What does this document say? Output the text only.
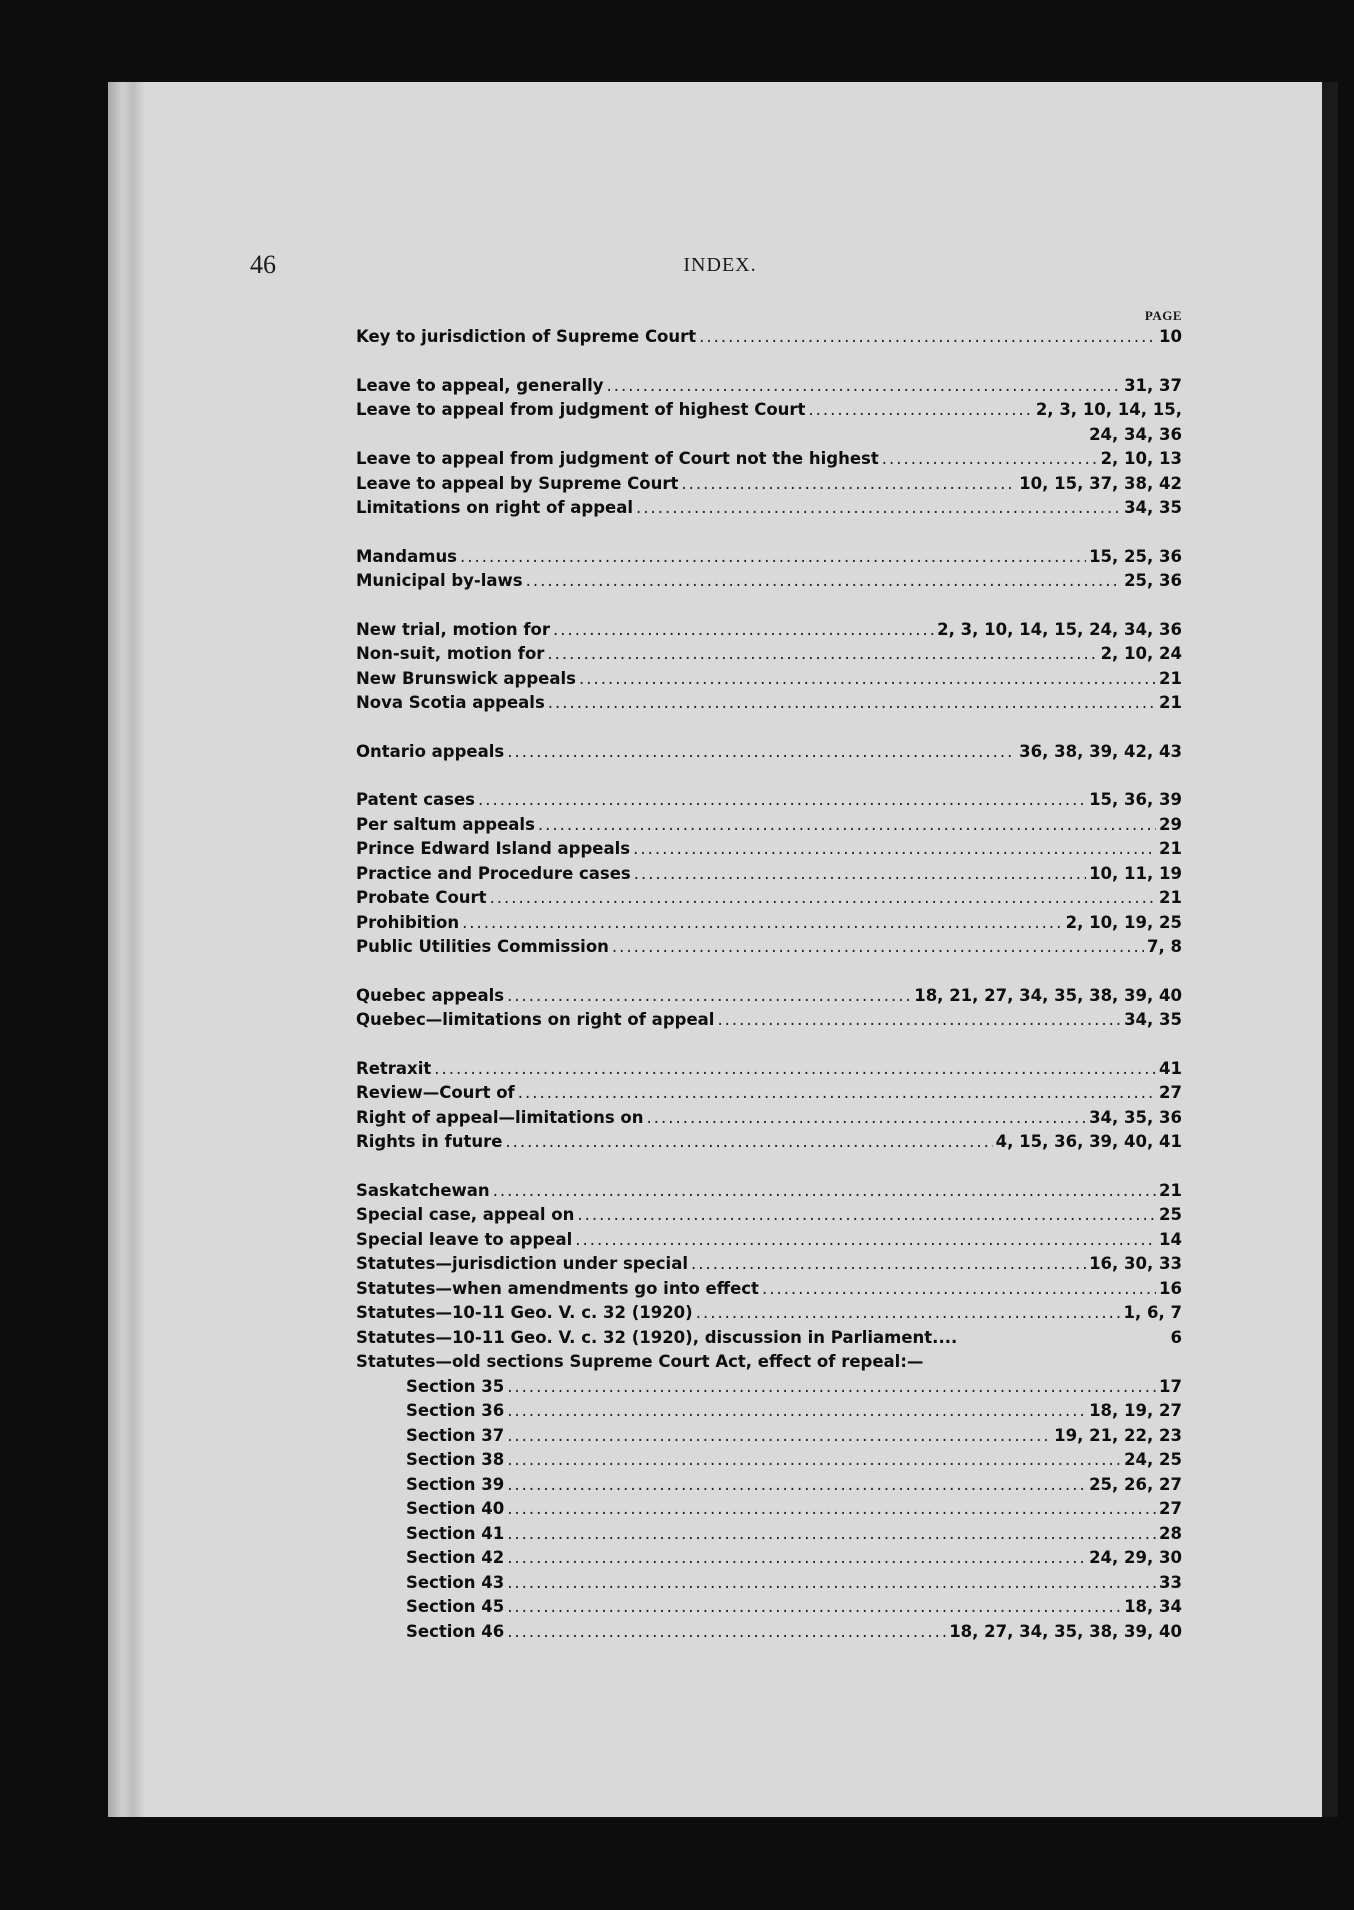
46	INDEX.
PAGE
Key to jurisdiction of Supreme Court .....	10
Leave to appeal, generally .....	31, 37
Leave to appeal from judgment of highest Court .....	2, 3, 10, 14, 15,
24, 34, 36
Leave to appeal from judgment of Court not the highest .....	2, 10, 13
Leave to appeal by Supreme Court .....	10, 15, 37, 38, 42
Limitations on right of appeal .....	34, 35
Mandamus .....	15, 25, 36
Municipal by-laws .....	25, 36
New trial, motion for .....	2, 3, 10, 14, 15, 24, 34, 36
Non-suit, motion for .....	2, 10, 24
New Brunswick appeals .....	21
Nova Scotia appeals .....	21
Ontario appeals .....	36, 38, 39, 42, 43
Patent cases .....	15, 36, 39
Per saltum appeals .....	29
Prince Edward Island appeals .....	21
Practice and Procedure cases .....	10, 11, 19
Probate Court .....	21
Prohibition .....	2, 10, 19, 25
Public Utilities Commission .....	7, 8
Quebec appeals .....	18, 21, 27, 34, 35, 38, 39, 40
Quebec—limitations on right of appeal .....	34, 35
Retraxit .....	41
Review—Court of .....	27
Right of appeal—limitations on .....	34, 35, 36
Rights in future .....	4, 15, 36, 39, 40, 41
Saskatchewan .....	21
Special case, appeal on .....	25
Special leave to appeal .....	14
Statutes—jurisdiction under special .....	16, 30, 33
Statutes—when amendments go into effect .....	16
Statutes—10-11 Geo. V. c. 32 (1920) .....	1, 6, 7
Statutes—10-11 Geo. V. c. 32 (1920), discussion in Parliament....	6
Statutes—old sections Supreme Court Act, effect of repeal:—
Section 35 .....	17
Section 36 .....	18, 19, 27
Section 37 .....	19, 21, 22, 23
Section 38 .....	24, 25
Section 39 .....	25, 26, 27
Section 40 .....	27
Section 41 .....	28
Section 42 .....	24, 29, 30
Section 43 .....	33
Section 45 .....	18, 34
Section 46 .....	18, 27, 34, 35, 38, 39, 40
